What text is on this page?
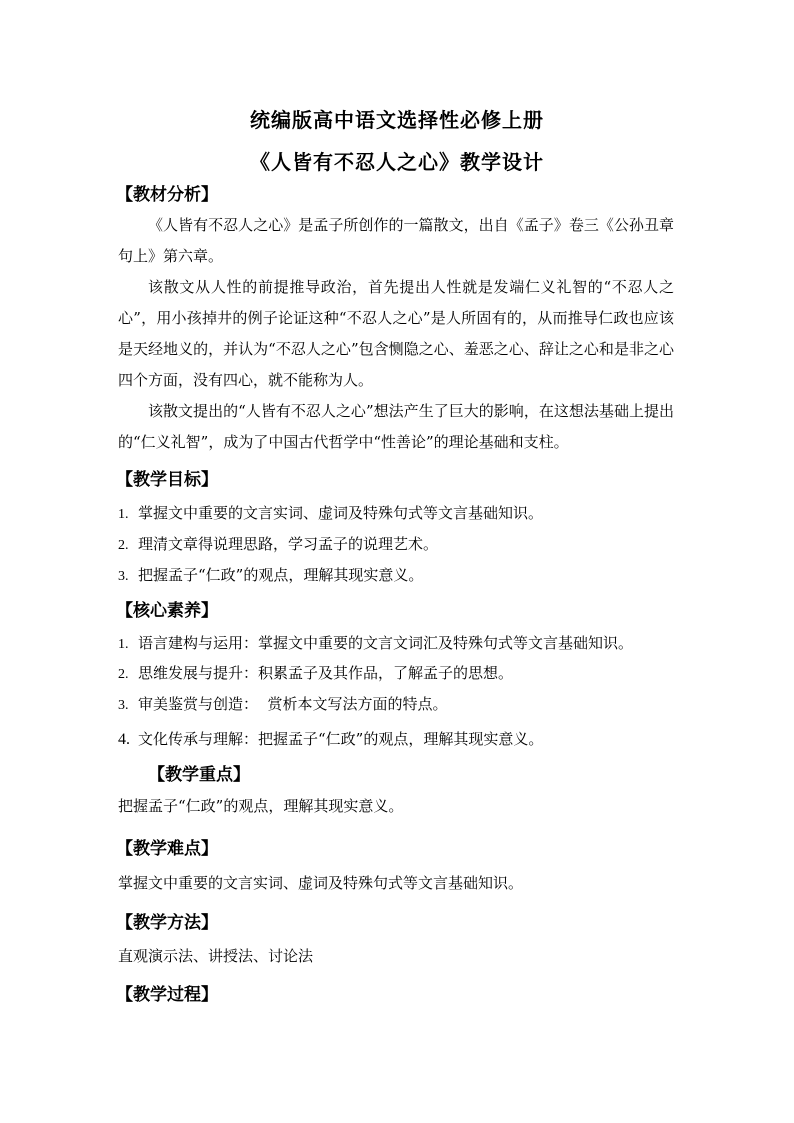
统编版高中语文选择性必修上册
《人皆有不忍人之心》教学设计
【教材分析】
《人皆有不忍人之心》是孟子所创作的一篇散文，出自《孟子》卷三《公孙丑章句上》第六章。
该散文从人性的前提推导政治，首先提出人性就是发端仁义礼智的“不忍人之心”，用小孩掉井的例子论证这种“不忍人之心”是人所固有的，从而推导仁政也应该是天经地义的，并认为“不忍人之心”包含恻隐之心、羞恶之心、辞让之心和是非之心四个方面，没有四心，就不能称为人。
该散文提出的“人皆有不忍人之心”想法产生了巨大的影响，在这想法基础上提出的“仁义礼智”，成为了中国古代哲学中“性善论”的理论基础和支柱。
【教学目标】
1. 掌握文中重要的文言实词、虚词及特殊句式等文言基础知识。
2. 理清文章得说理思路，学习孟子的说理艺术。
3. 把握孟子“仁政”的观点，理解其现实意义。
【核心素养】
1. 语言建构与运用：掌握文中重要的文言文词汇及特殊句式等文言基础知识。
2. 思维发展与提升：积累孟子及其作品，了解孟子的思想。
3. 审美鉴赏与创造：  赏析本文写法方面的特点。
4. 文化传承与理解：把握孟子“仁政”的观点，理解其现实意义。
【教学重点】
把握孟子“仁政”的观点，理解其现实意义。
【教学难点】
掌握文中重要的文言实词、虚词及特殊句式等文言基础知识。
【教学方法】
直观演示法、讲授法、讨论法
【教学过程】
